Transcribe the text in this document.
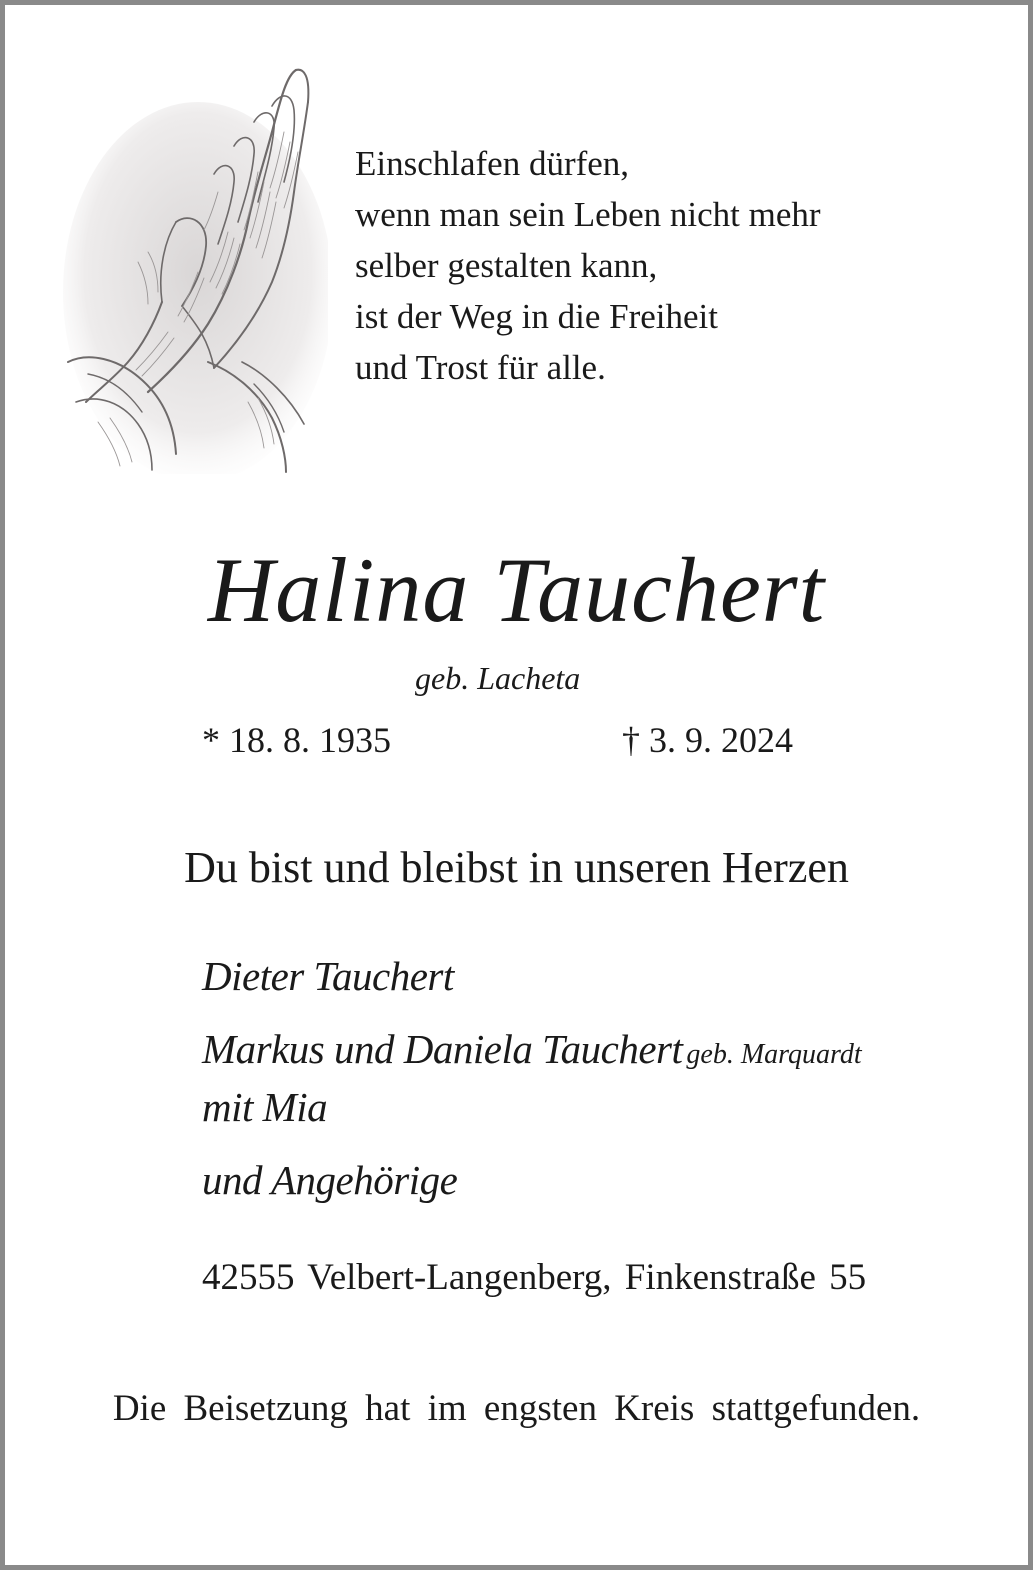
Einschlafen dürfen,
wenn man sein Leben nicht mehr
selber gestalten kann,
ist der Weg in die Freiheit
und Trost für alle.
Halina Tauchert
geb. Lacheta
* 18. 8. 1935	† 3. 9. 2024
Du bist und bleibst in unseren Herzen
Dieter Tauchert
Markus und Daniela Tauchert geb. Marquardt
mit Mia
und Angehörige
42555 Velbert-Langenberg, Finkenstraße 55
Die Beisetzung hat im engsten Kreis stattgefunden.
